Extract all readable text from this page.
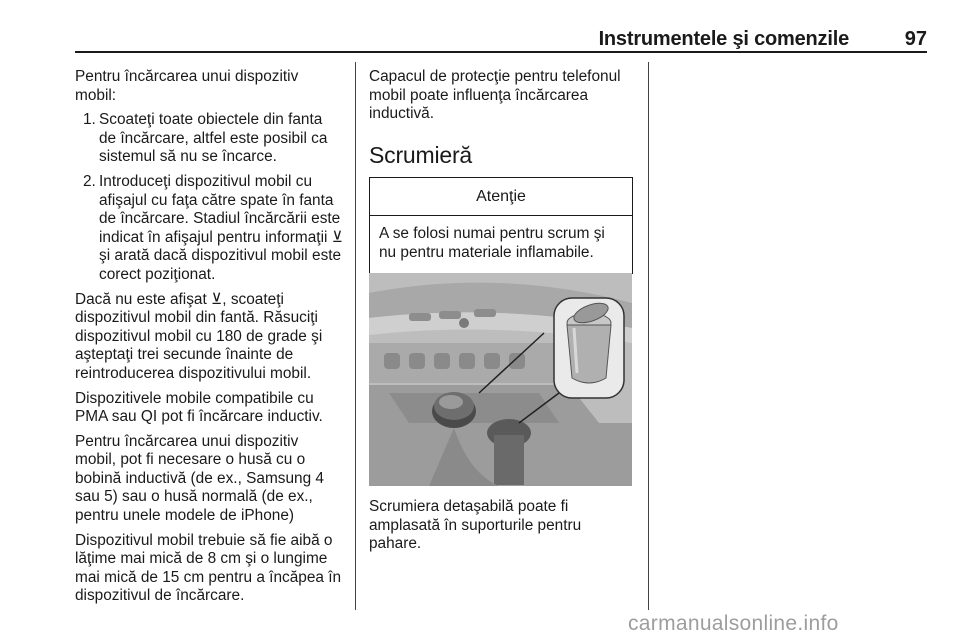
Instrumentele şi comenzile	97

Pentru încărcarea unui dispozitiv mobil:

1. Scoateţi toate obiectele din fanta de încărcare, altfel este posibil ca sistemul să nu se încarce.
2. Introduceţi dispozitivul mobil cu afişajul cu faţa către spate în fanta de încărcare. Stadiul încărcării este indicat în afişajul pentru informaţii ⊻ şi arată dacă dispozitivul mobil este corect poziţionat.

Dacă nu este afişat ⊻, scoateţi dispozitivul mobil din fantă. Răsuciţi dispozitivul mobil cu 180 de grade şi aşteptaţi trei secunde înainte de reintroducerea dispozitivului mobil.

Dispozitivele mobile compatibile cu PMA sau QI pot fi încărcare inductiv.

Pentru încărcarea unui dispozitiv mobil, pot fi necesare o husă cu o bobină inductivă (de ex., Samsung 4 sau 5) sau o husă normală (de ex., pentru unele modele de iPhone)

Dispozitivul mobil trebuie să fie aibă o lăţime mai mică de 8 cm şi o lungime mai mică de 15 cm pentru a încăpea în dispozitivul de încărcare.

Capacul de protecţie pentru telefonul mobil poate influenţa încărcarea inductivă.

Scrumieră
Atenţie
A se folosi numai pentru scrum şi nu pentru materiale inflamabile.
Scrumiera detaşabilă poate fi amplasată în suporturile pentru pahare.
carmanualsonline.info
